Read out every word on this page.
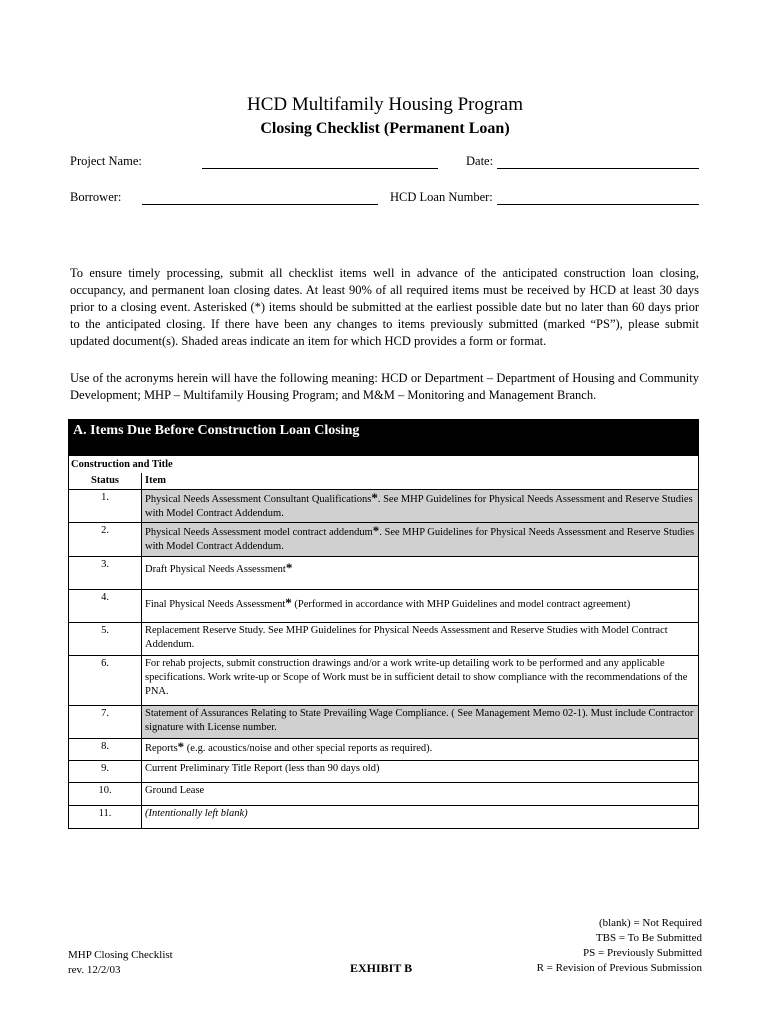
HCD Multifamily Housing Program
Closing Checklist (Permanent Loan)
Project Name:	Date:
Borrower:	HCD Loan Number:
To ensure timely processing, submit all checklist items well in advance of the anticipated construction loan closing, occupancy, and permanent loan closing dates. At least 90% of all required items must be received by HCD at least 30 days prior to a closing event. Asterisked (*) items should be submitted at the earliest possible date but no later than 60 days prior to the anticipated closing. If there have been any changes to items previously submitted (marked “PS”), please submit updated document(s). Shaded areas indicate an item for which HCD provides a form or format.
Use of the acronyms herein will have the following meaning: HCD or Department – Department of Housing and Community Development; MHP – Multifamily Housing Program; and M&M – Monitoring and Management Branch.
A. Items Due Before Construction Loan Closing
Construction and Title	
Status	Item
1.	Physical Needs Assessment Consultant Qualifications*. See MHP Guidelines for Physical Needs Assessment and Reserve Studies with Model Contract Addendum.
2.	Physical Needs Assessment model contract addendum*. See MHP Guidelines for Physical Needs Assessment and Reserve Studies with Model Contract Addendum.
3.	Draft Physical Needs Assessment*
4.	Final Physical Needs Assessment* (Performed in accordance with MHP Guidelines and model contract agreement)
5.	Replacement Reserve Study. See MHP Guidelines for Physical Needs Assessment and Reserve Studies with Model Contract Addendum.
6.	For rehab projects, submit construction drawings and/or a work write-up detailing work to be performed and any applicable specifications. Work write-up or Scope of Work must be in sufficient detail to show compliance with the recommendations of the PNA.
7.	Statement of Assurances Relating to State Prevailing Wage Compliance. ( See Management Memo 02-1). Must include Contractor signature with License number.
8.	Reports* (e.g. acoustics/noise and other special reports as required).
9.	Current Preliminary Title Report (less than 90 days old)
10.	Ground Lease
11.	(Intentionally left blank)
MHP Closing Checklist
rev. 12/2/03	EXHIBIT B
(blank) = Not Required
TBS = To Be Submitted
PS = Previously Submitted
R = Revision of Previous Submission
